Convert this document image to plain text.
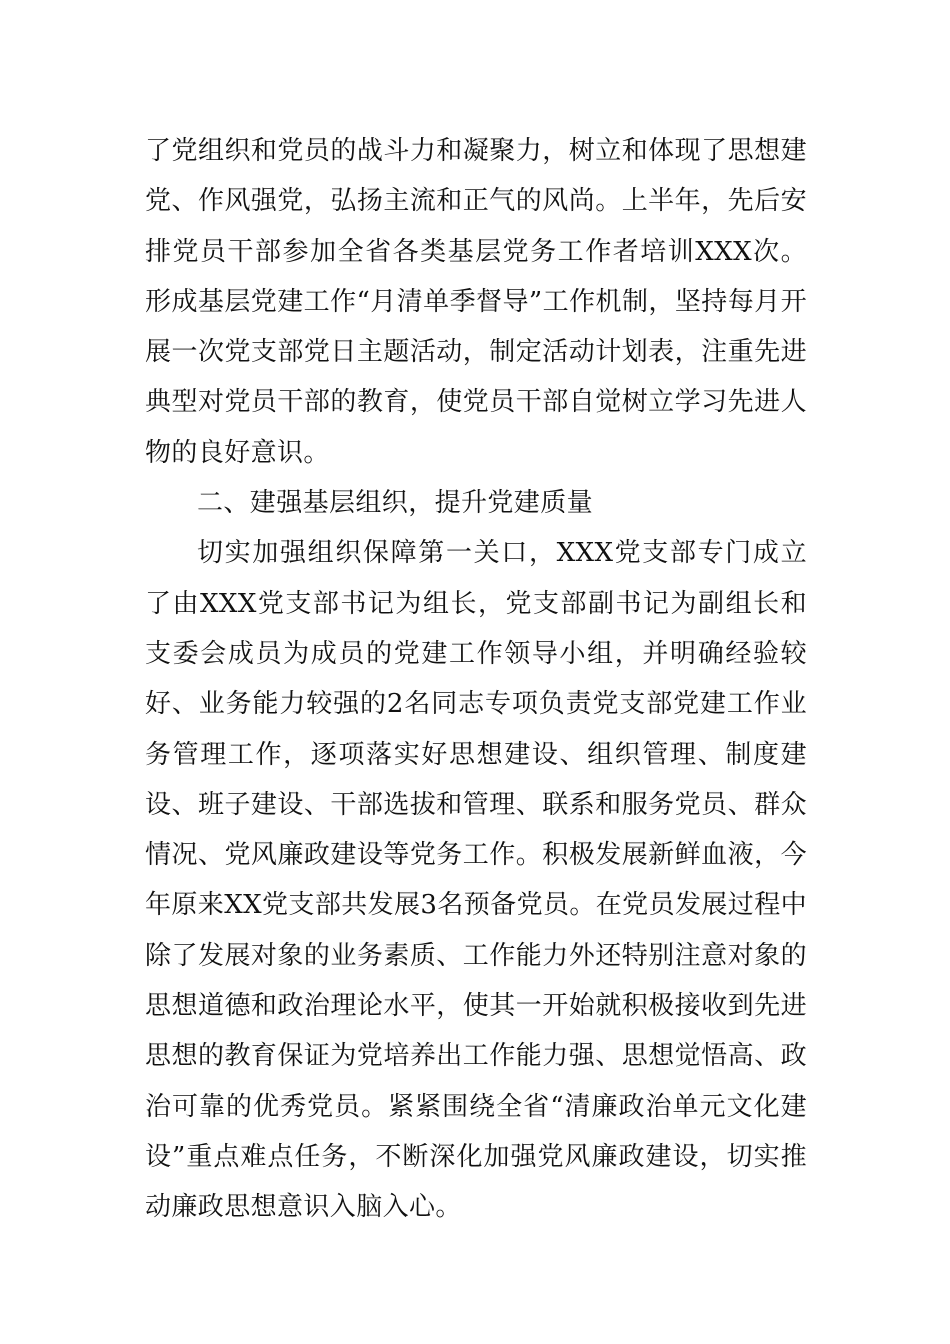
了党组织和党员的战斗力和凝聚力，树立和体现了思想建党、作风强党，弘扬主流和正气的风尚。上半年，先后安排党员干部参加全省各类基层党务工作者培训XXX次。形成基层党建工作“月清单季督导”工作机制，坚持每月开展一次党支部党日主题活动，制定活动计划表，注重先进典型对党员干部的教育，使党员干部自觉树立学习先进人物的良好意识。

二、建强基层组织，提升党建质量

切实加强组织保障第一关口，XXX党支部专门成立了由XXX党支部书记为组长，党支部副书记为副组长和支委会成员为成员的党建工作领导小组，并明确经验较好、业务能力较强的2名同志专项负责党支部党建工作业务管理工作，逐项落实好思想建设、组织管理、制度建设、班子建设、干部选拔和管理、联系和服务党员、群众情况、党风廉政建设等党务工作。积极发展新鲜血液，今年原来XX党支部共发展3名预备党员。在党员发展过程中除了发展对象的业务素质、工作能力外还特别注意对象的思想道德和政治理论水平，使其一开始就积极接收到先进思想的教育保证为党培养出工作能力强、思想觉悟高、政治可靠的优秀党员。紧紧围绕全省“清廉政治单元文化建设”重点难点任务，不断深化加强党风廉政建设，切实推动廉政思想意识入脑入心。
